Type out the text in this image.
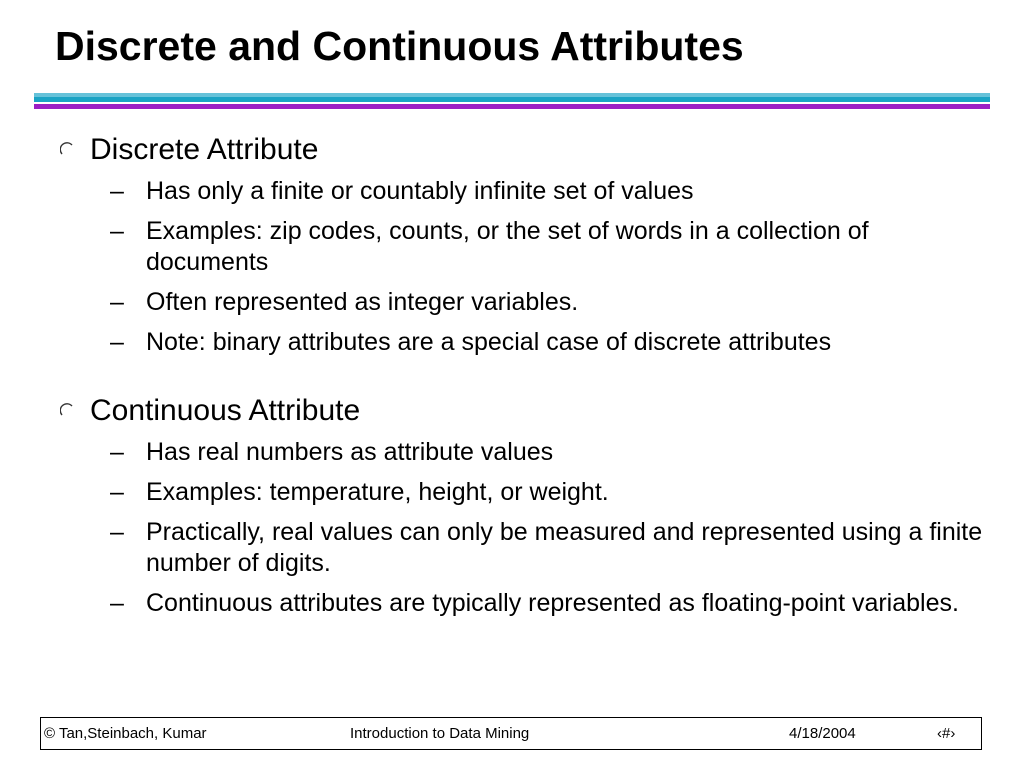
Discrete and Continuous Attributes
Discrete Attribute
– Has only a finite or countably infinite set of values
– Examples: zip codes, counts, or the set of words in a collection of documents
– Often represented as integer variables.
– Note: binary attributes are a special case of discrete attributes
Continuous Attribute
– Has real numbers as attribute values
– Examples: temperature, height, or weight.
– Practically, real values can only be measured and represented using a finite number of digits.
– Continuous attributes are typically represented as floating-point variables.
© Tan,Steinbach, Kumar	Introduction to Data Mining	4/18/2004	‹#›
